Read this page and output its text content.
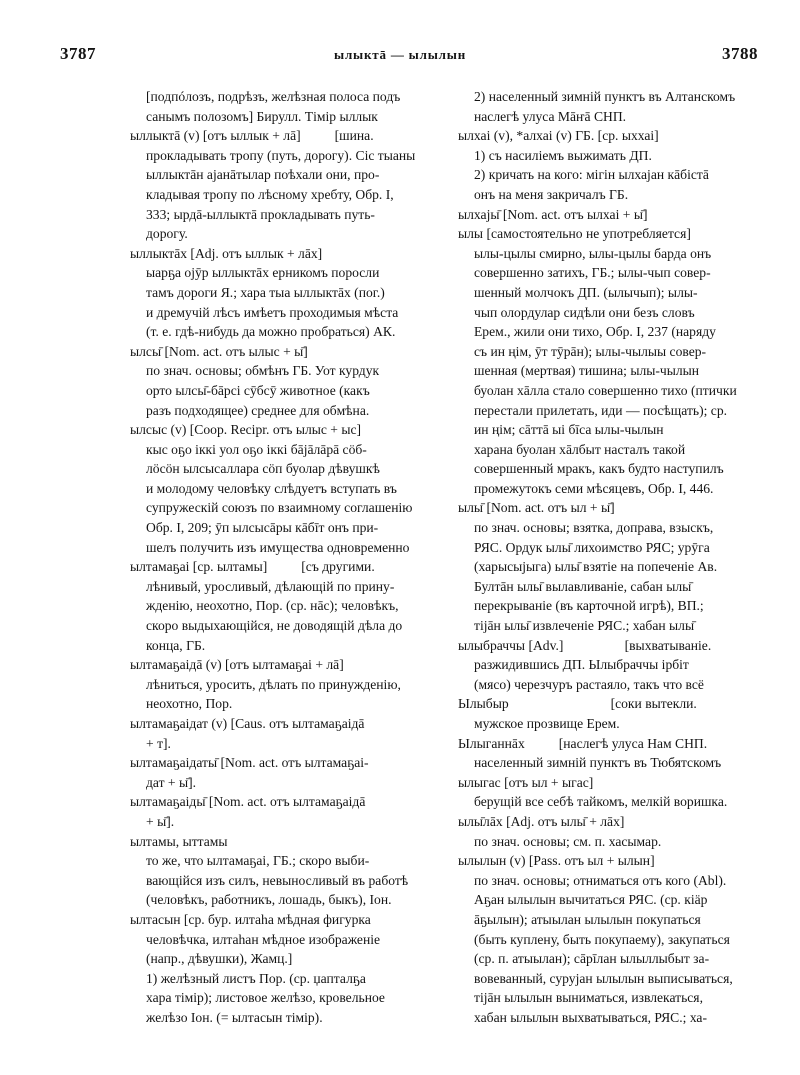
3787	ылыктā — ылылын	3788
[подпóлозъ, подрѣзъ, желѣзная полоса подъ
санымъ полозомъ] Бирулл. Тімір ыллык
ыллыктā (v) [отъ ыллык + лā]          [шина.
прокладывать тропу (путь, дорогу). Сіс тыаны
ыллыктāн аjанāтылар поѣхали они, про-
кладывая тропу по лѣсному хребту, Обр. I,
333; ырдā-ыллыктā прокладывать путь-
дорогу.
ыллыктāх [Adj. отъ ыллык + лāх]
ыарҕа оjӯр ыллыктāх ерникомъ поросли
тамъ дороги Я.; хара тыа ыллыктāх (пог.)
и дремучій лѣсъ имѣетъ проходимыя мѣста
(т. е. гдѣ-нибудь да можно пробраться) АК.
ылсы̄ [Nom. act. отъ ылыс + ы̄]
по знач. основы; обмѣнъ ГБ. Уот курдук
орто ылсы̄-бāрсі сӯбсӯ животное (какъ
разъ подходящее) среднее для обмѣна.
ылсыс (v) [Coop. Recipr. отъ ылыс + ыс]
кыс оҕо іккі уол оҕо іккі бājāлāрā сӧб-
лӧсӧн ылсысаллара сӧп буолар дѣвушкѣ
и молодому человѣку слѣдуетъ вступать въ
супружескій союзъ по взаимному соглашенію
Обр. I, 209; ӯп ылсысāры кāбīт онъ при-
шелъ получить изъ имущества одновременно
ылтамаҕаі [ср. ылтамы]          [съ другими.
лѣнивый, уросливый, дѣлающій по прину-
жденію, неохотно, Пор. (ср. нāс); человѣкъ,
скоро выдыхающійся, не доводящій дѣла до
конца, ГБ.
ылтамаҕаідā (v) [отъ ылтамаҕаі + лā]
лѣниться, уросить, дѣлать по принужденію,
неохотно, Пор.
ылтамаҕаідат (v) [Caus. отъ ылтамаҕаідā
+ т].
ылтамаҕаідаты̄ [Nom. act. отъ ылтамаҕаі-
дат + ы̄].
ылтамаҕаіды̄ [Nom. act. отъ ылтамаҕаідā
+ ы̄].
ылтамы, ыттамы
то же, что ылтамаҕаі, ГБ.; скоро выби-
вающійся изъ силъ, невыносливый въ работѣ
(человѣкъ, работникъ, лошадь, быкъ), Іон.
ылтасын [ср. бур. илтаhа мѣдная фигурка
человѣчка, илтаhан мѣдное изображеніе
(напр., дѣвушки), Жамц.]
1) желѣзный листъ Пор. (ср. џапталҕа
хара тімір); листовое желѣзо, кровельное
желѣзо Іон. (= ылтасын тімір).
2) населенный зимній пунктъ въ Алтанскомъ
наслегѣ улуса Мāҥā СНП.
ылхаі (v), *алхаі (v) ГБ. [ср. ыххаі]
1) съ насиліемъ выжимать ДП.
2) кричать на кого: мігін ылхаjан кāбістā
онъ на меня закричалъ ГБ.
ылхаjы̄ [Nom. act. отъ ылхаі + ы̄]
ылы [самостоятельно не употребляется]
ылы-цылы смирно, ылы-цылы барда онъ
совершенно затихъ, ГБ.; ылы-чып совер-
шенный молчокъ ДП. (ылычып); ылы-
чып олордулар сидѣли они безъ словъ
Ерем., жили они тихо, Обр. I, 237 (наряду
съ ин ңім, ӯт тӯрāн); ылы-чылыы совер-
шенная (мертвая) тишина; ылы-чылын
буолан хāлла стало совершенно тихо (птички
перестали прилетать, иди — посѣщать); ср.
ин ңім; сāттā ыі бīса ылы-чылын
харана буолан хāлбыт насталъ такой
совершенный мракъ, какъ будто наступилъ
промежутокъ семи мѣсяцевъ, Обр. I, 446.
ылы̄ [Nom. act. отъ ыл + ы̄]
по знач. основы; взятка, доправа, взыскъ,
РЯС. Ордук ылы̄ лихоимство РЯС; урӯга
(харысыjыга) ылы̄ взятіе на попеченіе Ав.
Бултāн ылы̄ вылавливаніе, сабан ылы̄
перекрываніе (въ карточной игрѣ), ВП.;
тіjāн ылы̄ извлеченіе РЯС.; хабан ылы̄
ылыбраччы [Adv.]                  [выхватываніе.
разжидившись ДП. Ылыбраччы ірбіт
(мясо) черезчуръ растаяло, такъ что всё
Ылыбыр                              [соки вытекли.
мужское прозвище Ерем.
Ылыганнāх          [наслегѣ улуса Нам СНП.
населенный зимній пунктъ въ Тюбятскомъ
ылыгас [отъ ыл + ыгас]
берущій все себѣ тайкомъ, мелкій воришка.
ылы̄лāх [Adj. отъ ылы̄ + лāх]
по знач. основы; см. п. хасымар.
ылылын (v) [Pass. отъ ыл + ылын]
по знач. основы; отниматься отъ кого (Abl).
Аҕан ылылын вычитаться РЯС. (ср. кіäр
āҕылын); атыылан ылылын покупаться
(быть куплену, быть покупаему), закупаться
(ср. п. атыылан); сāрīлан ылыллыбыт за-
вовеванный, суруjан ылылын выписываться,
тіjāн ылылын выниматься, извлекаться,
хабан ылылын выхватываться, РЯС.; ха-
